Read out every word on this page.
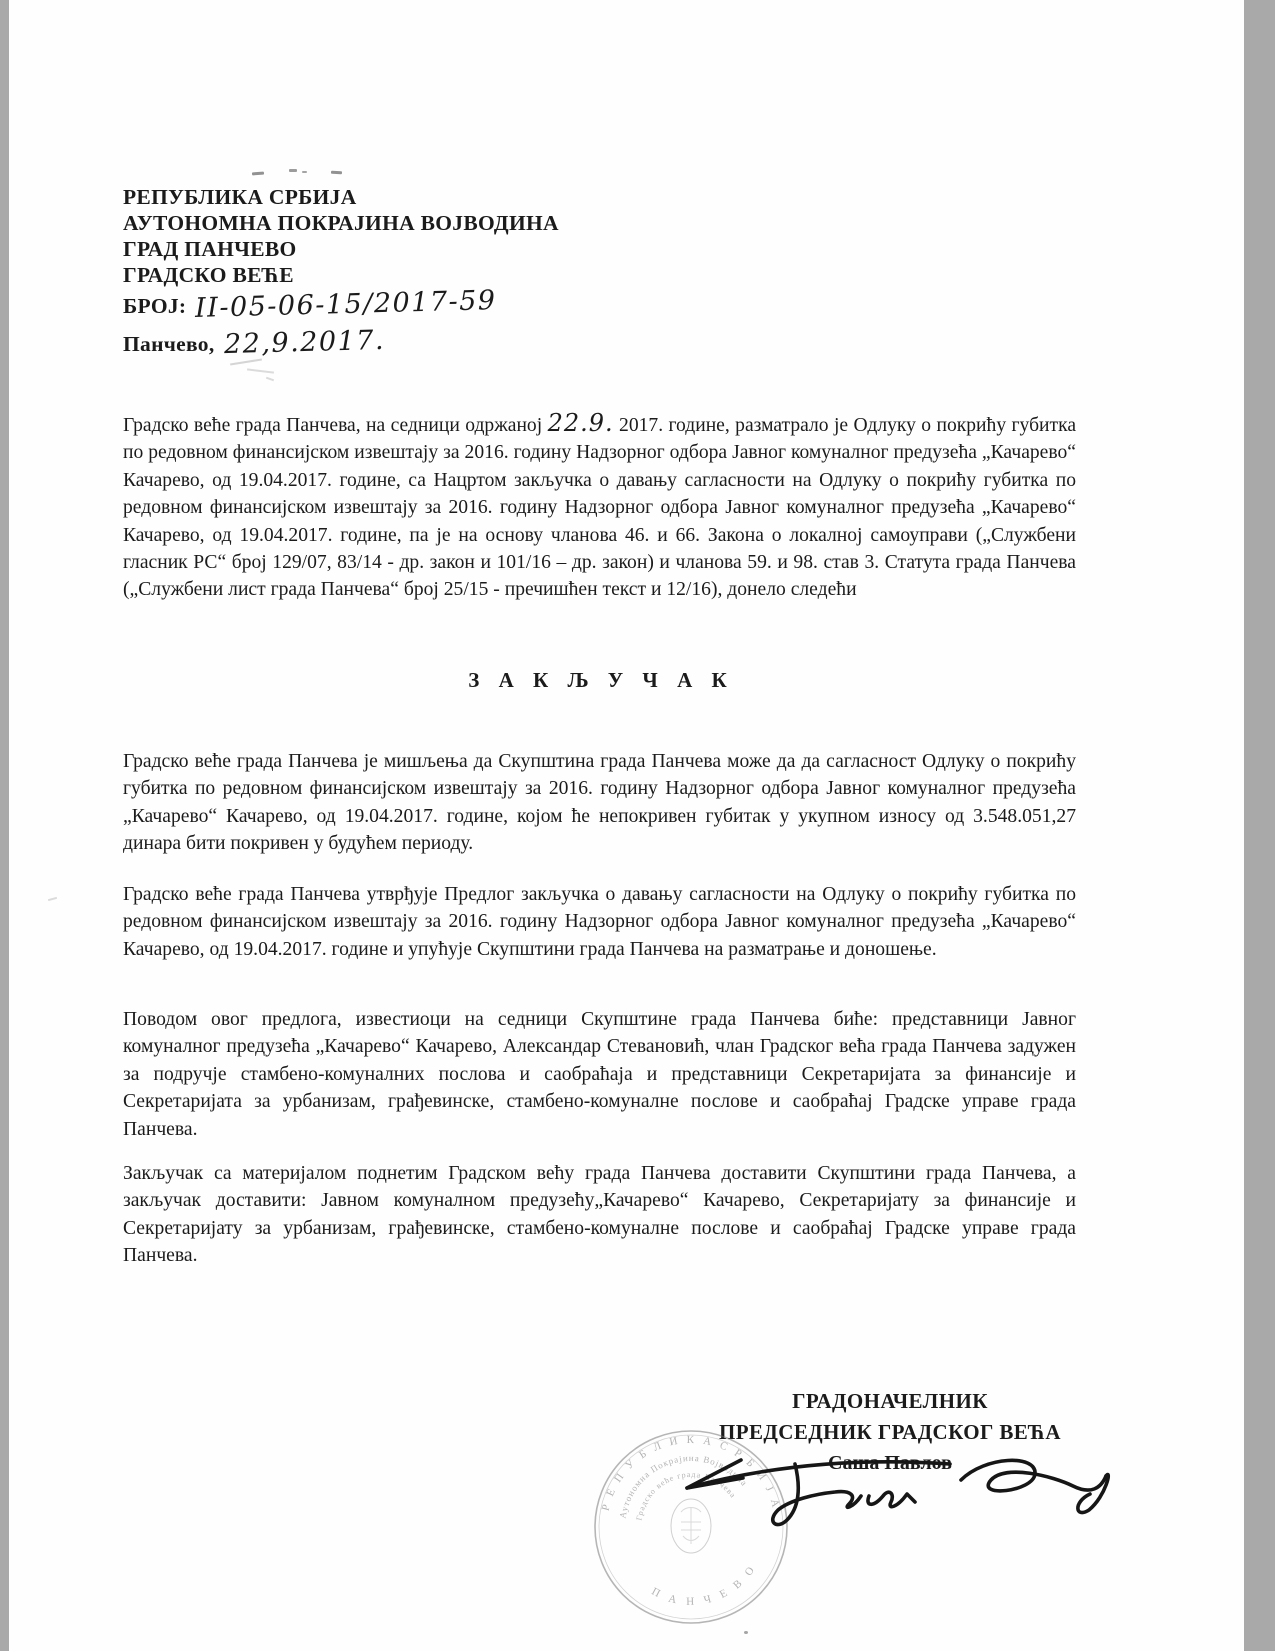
РЕПУБЛИКА СРБИЈА
АУТОНОМНА ПОКРАЈИНА ВОЈВОДИНА
ГРАД ПАНЧЕВО
ГРАДСКО ВЕЋЕ
БРОЈ: II-05-06-15/2017-59
Панчево, 22,9.2017.

Градско веће града Панчева, на седници одржаној 22.9. 2017. године, разматрало је Одлуку о покрићу губитка по редовном финансијском извештају за 2016. годину Надзорног одбора Јавног комуналног предузећа „Качарево“ Качарево, од 19.04.2017. године, са Нацртом закључка о давању сагласности на Одлуку о покрићу губитка по редовном финансијском извештају за 2016. годину Надзорног одбора Јавног комуналног предузећа „Качарево“ Качарево, од 19.04.2017. године, па је на основу чланова 46. и 66. Закона о локалној самоуправи („Службени гласник РС“ број 129/07, 83/14 - др. закон и 101/16 – др. закон) и чланова 59. и 98. став 3. Статута града Панчева („Службени лист града Панчева“ број 25/15 - пречишћен текст и 12/16), донело следећи

З А К Љ У Ч А К

Градско веће града Панчева је мишљења да Скупштина града Панчева може да да сагласност Одлуку о покрићу губитка по редовном финансијском извештају за 2016. годину Надзорног одбора Јавног комуналног предузећа „Качарево“ Качарево, од 19.04.2017. године, којом ће непокривен губитак у укупном износу од 3.548.051,27 динара бити покривен у будућем периоду.

Градско веће града Панчева утврђује Предлог закључка о давању сагласности на Одлуку о покрићу губитка по редовном финансијском извештају за 2016. годину Надзорног одбора Јавног комуналног предузећа „Качарево“ Качарево, од 19.04.2017. године и упућује Скупштини града Панчева на разматрање и доношење.

Поводом овог предлога, известиоци на седници Скупштине града Панчева биће: представници Јавног комуналног предузећа „Качарево“ Качарево, Александар Стевановић, члан Градског већа града Панчева задужен за подручје стамбено-комуналних послова и саобраћаја и представници Секретаријата за финансије и Секретаријата за урбанизам, грађевинске, стамбено-комуналне послове и саобраћај Градске управе града Панчева.

Закључак са материјалом поднетим Градском већу града Панчева доставити Скупштини града Панчева, а закључак доставити: Јавном комуналном предузећу„Качарево“ Качарево, Секретаријату за финансије и Секретаријату за урбанизам, грађевинске, стамбено-комуналне послове и саобраћај Градске управе града Панчева.

ГРАДОНАЧЕЛНИК
ПРЕДСЕДНИК ГРАДСКОГ ВЕЋА
Саша Павлов
Р Е П У Б Л И К А С Р Б И Ј А
Аутономна Покрајина Војводина
Градско веће града Панчева
П А Н Ч Е В О
